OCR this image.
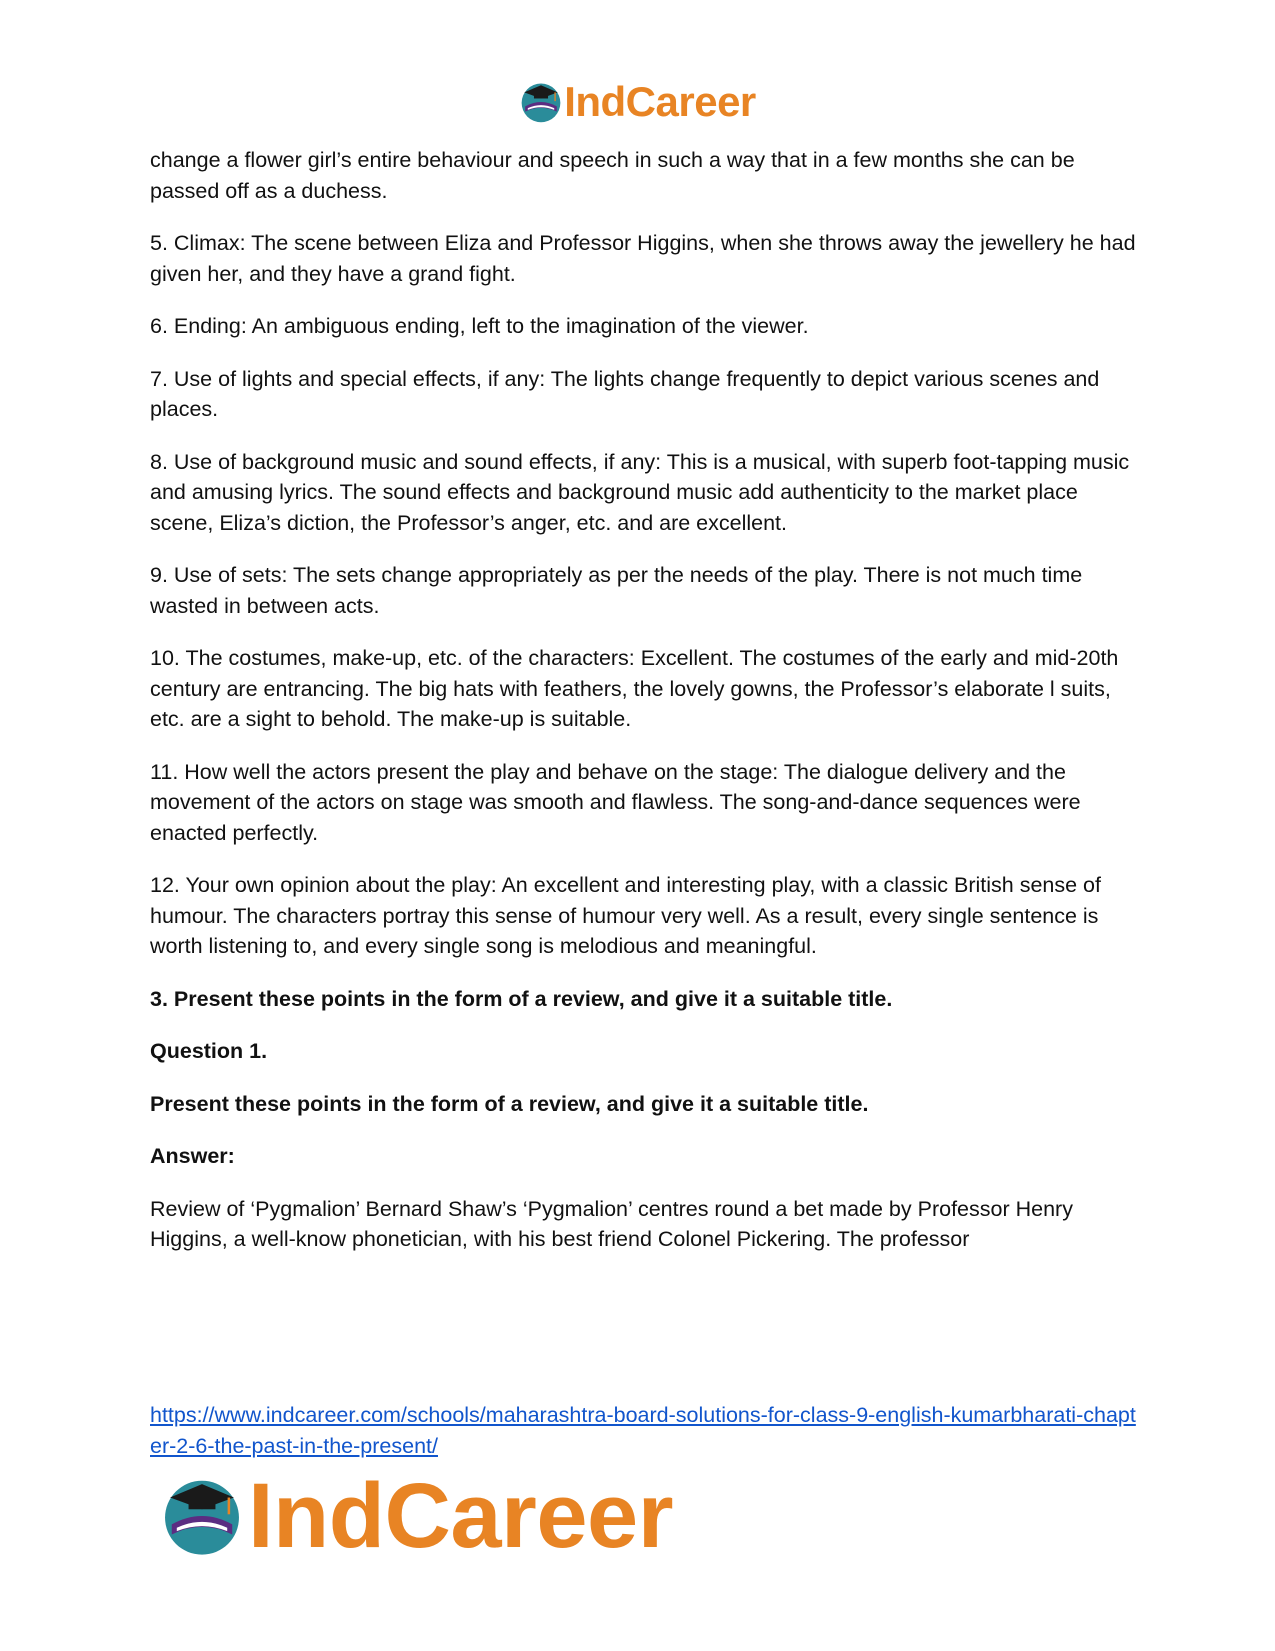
IndCareer

change a flower girl’s entire behaviour and speech in such a way that in a few months she can be passed off as a duchess.

5. Climax: The scene between Eliza and Professor Higgins, when she throws away the jewellery he had given her, and they have a grand fight.

6. Ending: An ambiguous ending, left to the imagination of the viewer.

7. Use of lights and special effects, if any: The lights change frequently to depict various scenes and places.

8. Use of background music and sound effects, if any: This is a musical, with superb foot-tapping music and amusing lyrics. The sound effects and background music add authenticity to the market place scene, Eliza’s diction, the Professor’s anger, etc. and are excellent.

9. Use of sets: The sets change appropriately as per the needs of the play. There is not much time wasted in between acts.

10. The costumes, make-up, etc. of the characters: Excellent. The costumes of the early and mid-20th century are entrancing. The big hats with feathers, the lovely gowns, the Professor’s elaborate l suits, etc. are a sight to behold. The make-up is suitable.

11. How well the actors present the play and behave on the stage: The dialogue delivery and the movement of the actors on stage was smooth and flawless. The song-and-dance sequences were enacted perfectly.

12. Your own opinion about the play: An excellent and interesting play, with a classic British sense of humour. The characters portray this sense of humour very well. As a result, every single sentence is worth listening to, and every single song is melodious and meaningful.

3. Present these points in the form of a review, and give it a suitable title.

Question 1.

Present these points in the form of a review, and give it a suitable title.

Answer:

Review of ‘Pygmalion’ Bernard Shaw’s ‘Pygmalion’ centres round a bet made by Professor Henry Higgins, a well-know phonetician, with his best friend Colonel Pickering. The professor

https://www.indcareer.com/schools/maharashtra-board-solutions-for-class-9-english-kumarbharati-chapter-2-6-the-past-in-the-present/
IndCareer
